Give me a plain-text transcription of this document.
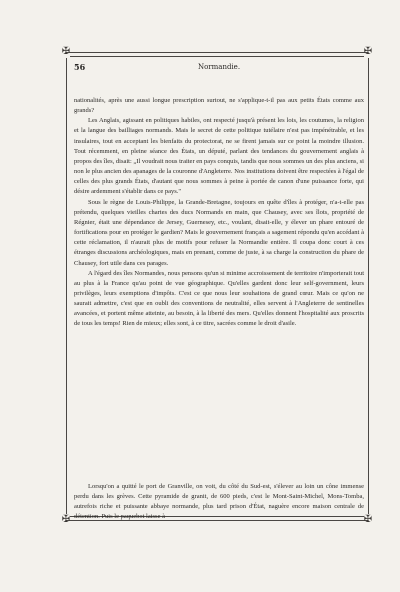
✠	✠
✠	✠
56	Normandie.

nationalités, après une aussi longue prescription surtout, ne s'applique-t-il pas aux petits États comme aux grands?

Les Anglais, agissant en politiques habiles, ont respecté jusqu'à présent les lois, les coutumes, la religion et la langue des bailliages normands. Mais le secret de cette politique tutélaire n'est pas impénétrable, et les insulaires, tout en acceptant les bienfaits du protectorat, ne se firent jamais sur ce point la moindre illusion. Tout récemment, en pleine séance des États, un député, parlant des tendances du gouvernement anglais à propos des îles, disait: „Il voudrait nous traiter en pays conquis, tandis que nous sommes un des plus anciens, si non le plus ancien des apanages de la couronne d'Angleterre. Nos institutions doivent être respectées à l'égal de celles des plus grands États, d'autant que nous sommes à peine à portée de canon d'une puissance forte, qui désire ardemment s'établir dans ce pays."

Sous le règne de Louis-Philippe, la Grande-Bretagne, toujours en quête d'îles à protéger, n'a-t-elle pas prétendu, quelques vieilles chartes des ducs Normands en main, que Chausey, avec ses îlots, propriété de Régnier, était une dépendance de Jersey, Guernesey, etc., voulant, disait-elle, y élever un phare entouré de fortifications pour en protéger le gardien? Mais le gouvernement français a sagement répondu qu'en accédant à cette réclamation, il n'aurait plus de motifs pour refuser la Normandie entière. Il coupa donc court à ces étranges discussions archéologiques, mais en prenant, comme de juste, à sa charge la construction du phare de Chausey, fort utile dans ces parages.

A l'égard des îles Normandes, nous pensons qu'un si minime accroissement de territoire n'importerait tout au plus à la France qu'au point de vue géographique. Qu'elles gardent donc leur self-government, leurs privilèges, leurs exemptions d'impôts. C'est ce que nous leur souhaitons de grand cœur. Mais ce qu'on ne saurait admettre, c'est que en oubli des conventions de neutralité, elles servent à l'Angleterre de sentinelles avancées, et portent même atteinte, au besoin, à la liberté des mers. Qu'elles donnent l'hospitalité aux proscrits de tous les temps! Rien de mieux; elles sont, à ce titre, sacrées comme le droit d'asile.

Lorsqu'on a quitté le port de Granville, on voit, du côté du Sud-est, s'élever au loin un cône immense perdu dans les grèves. Cette pyramide de granit, de 600 pieds, c'est le Mont-Saint-Michel, Mons-Tomba, autrefois riche et puissante abbaye normande, plus tard prison d'État, naguère encore maison centrale de détention. Puis le paquebot laisse à
